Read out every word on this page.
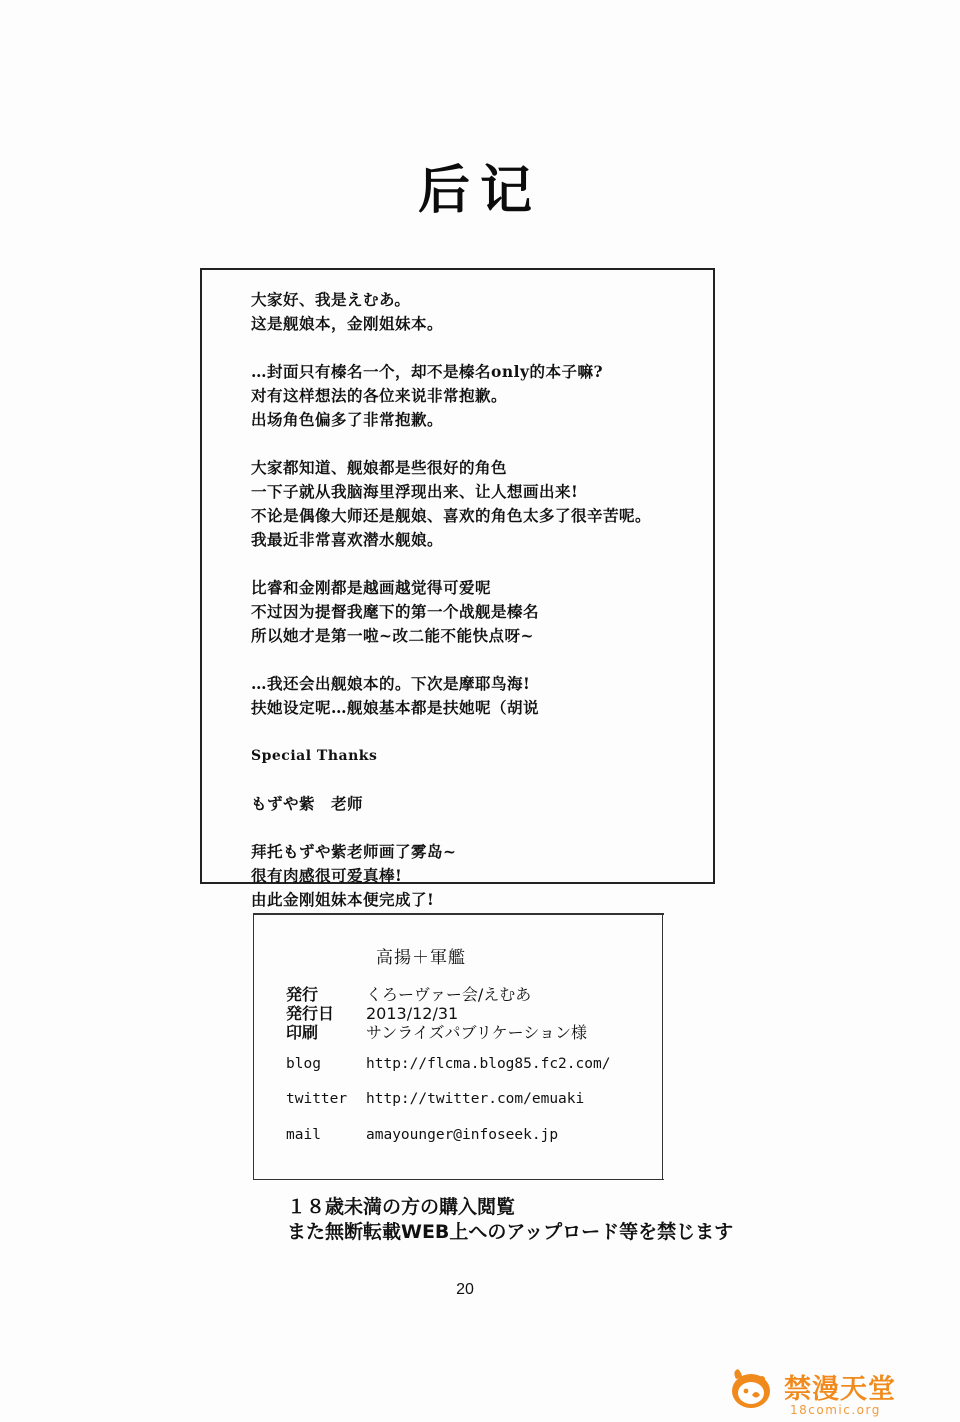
后记
大家好、我是えむあ。
这是舰娘本，金刚姐妹本。
…封面只有榛名一个，却不是榛名only的本子嘛?
对有这样想法的各位来说非常抱歉。
出场角色偏多了非常抱歉。
大家都知道、舰娘都是些很好的角色
一下子就从我脑海里浮现出来、让人想画出来!
不论是偶像大师还是舰娘、喜欢的角色太多了很辛苦呢。
我最近非常喜欢潜水舰娘。
比睿和金刚都是越画越觉得可爱呢
不过因为提督我麾下的第一个战舰是榛名
所以她才是第一啦~改二能不能快点呀~
…我还会出舰娘本的。下次是摩耶鸟海!
扶她设定呢…舰娘基本都是扶她呢（胡说
Special Thanks
もずや紫　老师
拜托もずや紫老师画了雾岛~
很有肉感很可爱真棒!
由此金刚姐妹本便完成了!
高揚＋軍艦
発行	くろーヴァー会/えむあ
発行日 2013/12/31
印刷	サンライズパブリケーション様
blog	http://flcma.blog85.fc2.com/
twitter http://twitter.com/emuaki
mail	amayounger@infoseek.jp
１８歳未満の方の購入閲覧
また無断転載WEB上へのアップロード等を禁じます
20
禁漫天堂
18comic.org
